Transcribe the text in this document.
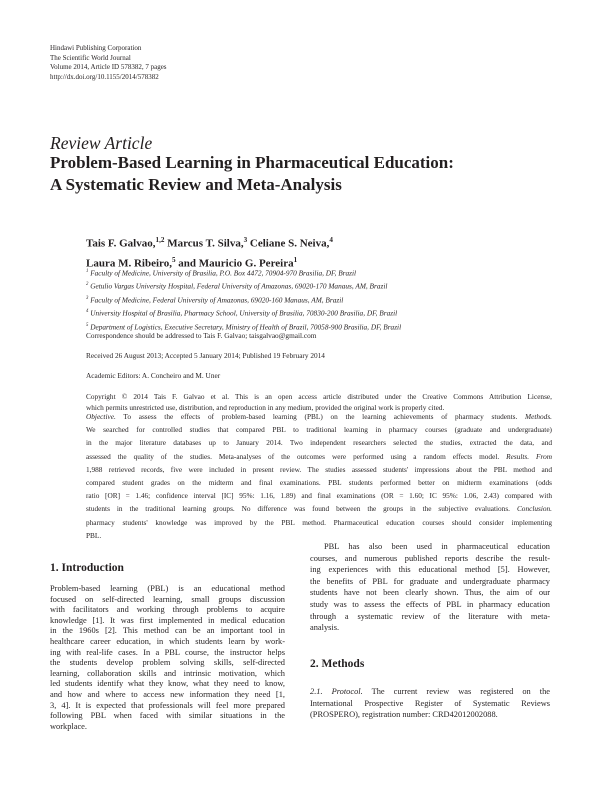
Hindawi Publishing Corporation
The Scientific World Journal
Volume 2014, Article ID 578382, 7 pages
http://dx.doi.org/10.1155/2014/578382
Review Article
Problem-Based Learning in Pharmaceutical Education:
A Systematic Review and Meta-Analysis
Tais F. Galvao,$^{1,2}$ Marcus T. Silva,$^3$ Celiane S. Neiva,$^4$
Laura M. Ribeiro,$^5$ and Mauricio G. Pereira$^1$
$^1$ Faculty of Medicine, University of Brasilia, P.O. Box 4472, 70904-970 Brasilia, DF, Brazil
$^2$ Getulio Vargas University Hospital, Federal University of Amazonas, 69020-170 Manaus, AM, Brazil
$^3$ Faculty of Medicine, Federal University of Amazonas, 69020-160 Manaus, AM, Brazil
$^4$ University Hospital of Brasilia, Pharmacy School, University of Brasilia, 70830-200 Brasilia, DF, Brazil
$^5$ Department of Logistics, Executive Secretary, Ministry of Health of Brazil, 70058-900 Brasilia, DF, Brazil
Correspondence should be addressed to Tais F. Galvao; taisgalvao@gmail.com
Received 26 August 2013; Accepted 5 January 2014; Published 19 February 2014
Academic Editors: A. Concheiro and M. Uner
Copyright © 2014 Tais F. Galvao et al. This is an open access article distributed under the Creative Commons Attribution License,
which permits unrestricted use, distribution, and reproduction in any medium, provided the original work is properly cited.
Objective. To assess the effects of problem-based learning (PBL) on the learning achievements of pharmacy students. Methods.
We searched for controlled studies that compared PBL to traditional learning in pharmacy courses (graduate and undergraduate)
in the major literature databases up to January 2014. Two independent researchers selected the studies, extracted the data, and
assessed the quality of the studies. Meta-analyses of the outcomes were performed using a random effects model. Results. From
1,988 retrieved records, five were included in present review. The studies assessed students' impressions about the PBL method and
compared student grades on the midterm and final examinations. PBL students performed better on midterm examinations (odds
ratio [OR] = 1.46; confidence interval [IC] 95%: 1.16, 1.89) and final examinations (OR = 1.60; IC 95%: 1.06, 2.43) compared with
students in the traditional learning groups. No difference was found between the groups in the subjective evaluations. Conclusion.
pharmacy students' knowledge was improved by the PBL method. Pharmaceutical education courses should consider implementing
PBL.
1. Introduction
Problem-based learning (PBL) is an educational method
focused on self-directed learning, small groups discussion
with facilitators and working through problems to acquire
knowledge [1]. It was first implemented in medical education
in the 1960s [2]. This method can be an important tool in
healthcare career education, in which students learn by work-
ing with real-life cases. In a PBL course, the instructor helps
the students develop problem solving skills, self-directed
learning, collaboration skills and intrinsic motivation, which
led students identify what they know, what they need to know,
and how and where to access new information they need [1,
3, 4]. It is expected that professionals will feel more prepared
following PBL when faced with similar situations in the
workplace.
PBL has also been used in pharmaceutical education
courses, and numerous published reports describe the result-
ing experiences with this educational method [5]. However,
the benefits of PBL for graduate and undergraduate pharmacy
students have not been clearly shown. Thus, the aim of our
study was to assess the effects of PBL in pharmacy education
through a systematic review of the literature with meta-
analysis.
2. Methods
2.1. Protocol. The current review was registered on the
International Prospective Register of Systematic Reviews
(PROSPERO), registration number: CRD42012002088.
